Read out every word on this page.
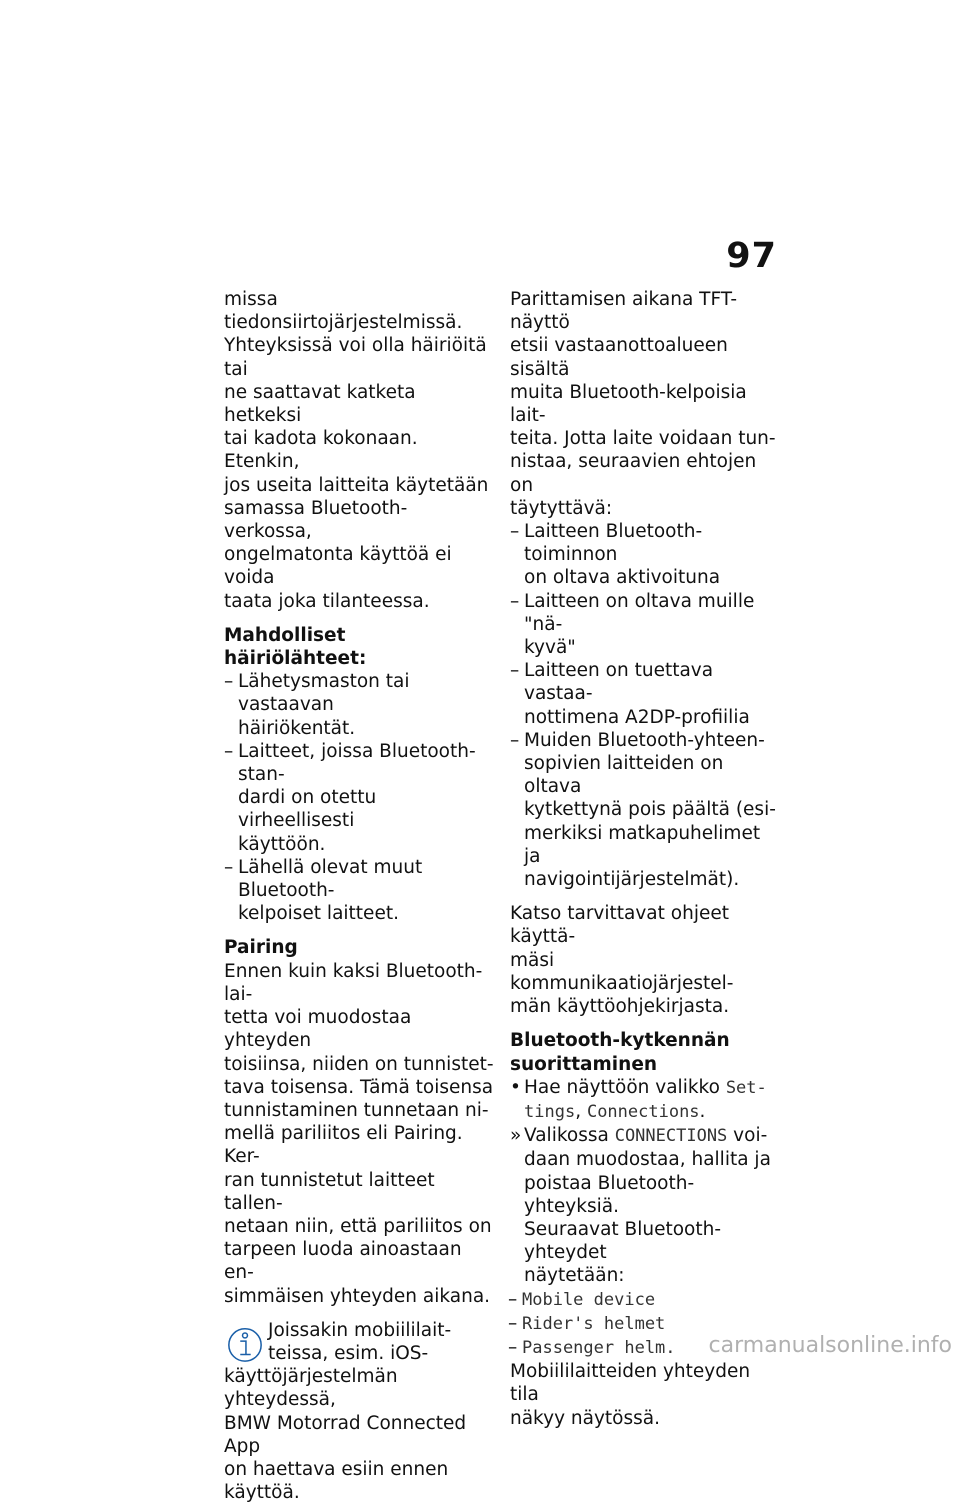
97

missa tiedonsiirtojärjestelmissä.

Yhteyksissä voi olla häiriöitä tai

ne saattavat katketa hetkeksi

tai kadota kokonaan. Etenkin,

jos useita laitteita käytetään

samassa Bluetooth-verkossa,

ongelmatonta käyttöä ei voida

taata joka tilanteessa.

Mahdolliset häiriölähteet:

– Lähetysmaston tai vastaavan

häiriökentät.

– Laitteet, joissa Bluetooth-stan-

dardi on otettu virheellisesti

käyttöön.

– Lähellä olevat muut Bluetooth-

kelpoiset laitteet.

Pairing

Ennen kuin kaksi Bluetooth-lai-

tetta voi muodostaa yhteyden

toisiinsa, niiden on tunnistet-

tava toisensa. Tämä toisensa

tunnistaminen tunnetaan ni-

mellä pariliitos eli Pairing. Ker-

ran tunnistetut laitteet tallen-

netaan niin, että pariliitos on

tarpeen luoda ainoastaan en-

simmäisen yhteyden aikana.

Joissakin mobiililait-

teissa, esim. iOS-

käyttöjärjestelmän yhteydessä,

BMW Motorrad Connected App

on haettava esiin ennen

käyttöä.

Parittamisen aikana TFT-näyttö

etsii vastaanottoalueen sisältä

muita Bluetooth-kelpoisia lait-

teita. Jotta laite voidaan tun-

nistaa, seuraavien ehtojen on

täytyttävä:

– Laitteen Bluetooth-toiminnon

on oltava aktivoituna

– Laitteen on oltava muille "nä-

kyvä"

– Laitteen on tuettava vastaa-

nottimena A2DP-profiilia

– Muiden Bluetooth-yhteen-

sopivien laitteiden on oltava

kytkettynä pois päältä (esi-

merkiksi matkapuhelimet ja

navigointijärjestelmät).

Katso tarvittavat ohjeet käyttä-

mäsi kommunikaatiojärjestel-

män käyttöohjekirjasta.

Bluetooth-kytkennän

suorittaminen

• Hae näyttöön valikko Set-

tings, Connections.

» Valikossa CONNECTIONS voi-

daan muodostaa, hallita ja

poistaa Bluetooth-yhteyksiä.

Seuraavat Bluetooth-yhteydet

näytetään:

– Mobile device
– Rider's helmet
– Passenger helm.

Mobiililaitteiden yhteyden tila

näkyy näytössä.

carmanualsonline.info
